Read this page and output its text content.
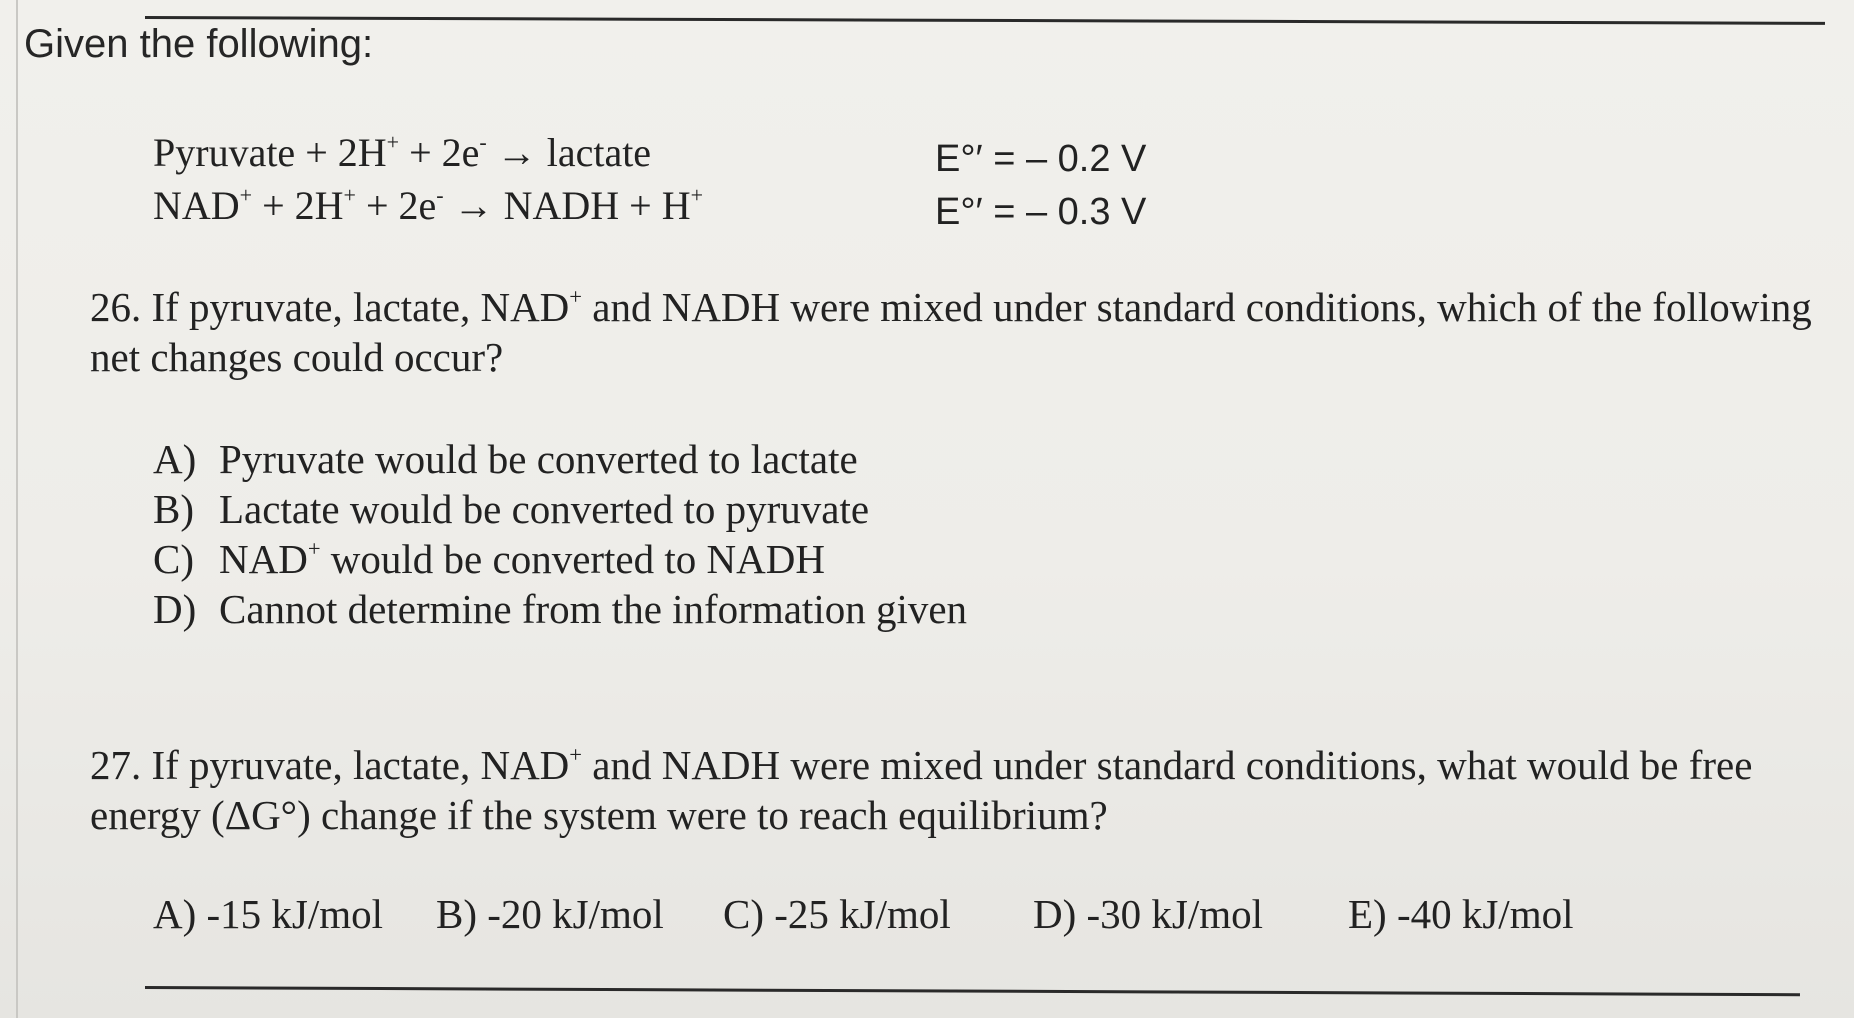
Given the following:
Pyruvate + 2H+ + 2e- → lactate	E°′ = – 0.2 V
NAD+ + 2H+ + 2e- → NADH + H+	E°′ = – 0.3 V
26. If pyruvate, lactate, NAD+ and NADH were mixed under standard conditions, which of the following net changes could occur?
A) Pyruvate would be converted to lactate
B) Lactate would be converted to pyruvate
C) NAD+ would be converted to NADH
D) Cannot determine from the information given
27. If pyruvate, lactate, NAD+ and NADH were mixed under standard conditions, what would be free energy (ΔG°) change if the system were to reach equilibrium?
A) -15 kJ/mol B) -20 kJ/mol C) -25 kJ/mol D) -30 kJ/mol E) -40 kJ/mol
